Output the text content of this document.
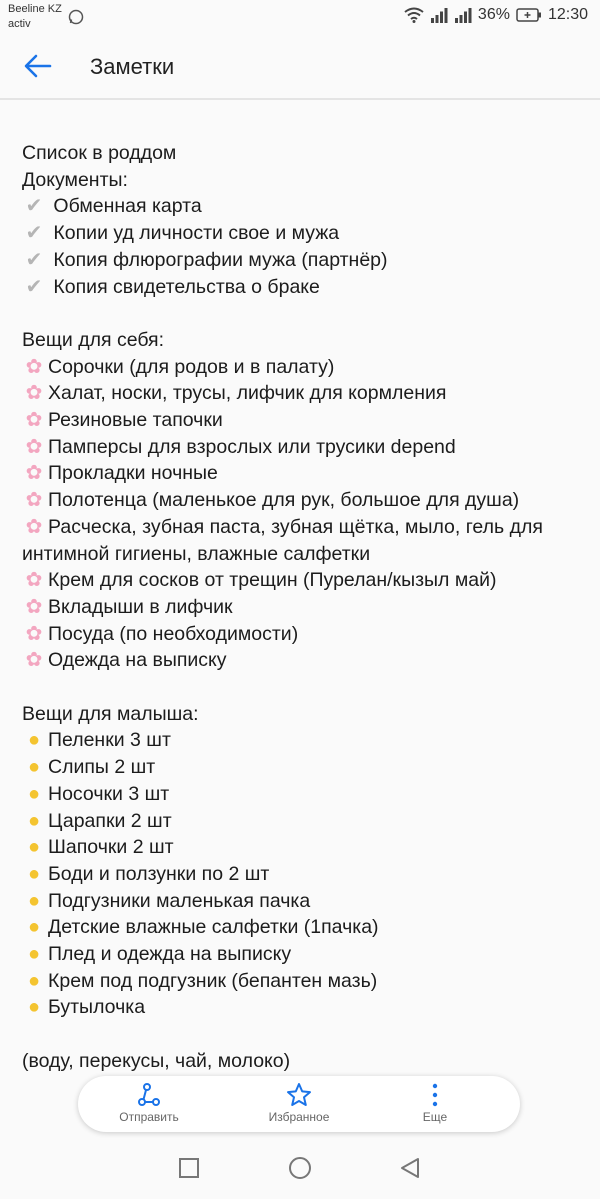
Beeline KZ
activ
36% 12:30
Заметки
Список в роддом
Документы:
✔ Обменная карта
✔ Копии уд личности свое и мужа
✔ Копия флюрографии мужа (партнёр)
✔ Копия свидетельства о браке
Вещи для себя:
✿ Сорочки (для родов и в палату)
✿ Халат, носки, трусы, лифчик для кормления
✿ Резиновые тапочки
✿ Памперсы для взрослых или трусики depend
✿ Прокладки ночные
✿ Полотенца (маленькое для рук, большое для душа)
✿ Расческа, зубная паста, зубная щётка, мыло, гель для интимной гигиены, влажные салфетки
✿ Крем для сосков от трещин (Пурелан/кызыл май)
✿ Вкладыши в лифчик
✿ Посуда (по необходимости)
✿ Одежда на выписку
Вещи для малыша:
● Пеленки 3 шт
● Слипы 2 шт
● Носочки 3 шт
● Царапки 2 шт
● Шапочки 2 шт
● Боди и ползунки по 2 шт
● Подгузники маленькая пачка
● Детские влажные салфетки (1пачка)
● Плед и одежда на выписку
● Крем под подгузник (бепантен мазь)
● Бутылочка
(воду, перекусы, чай, молоко)
Отправить	Избранное	Еще
